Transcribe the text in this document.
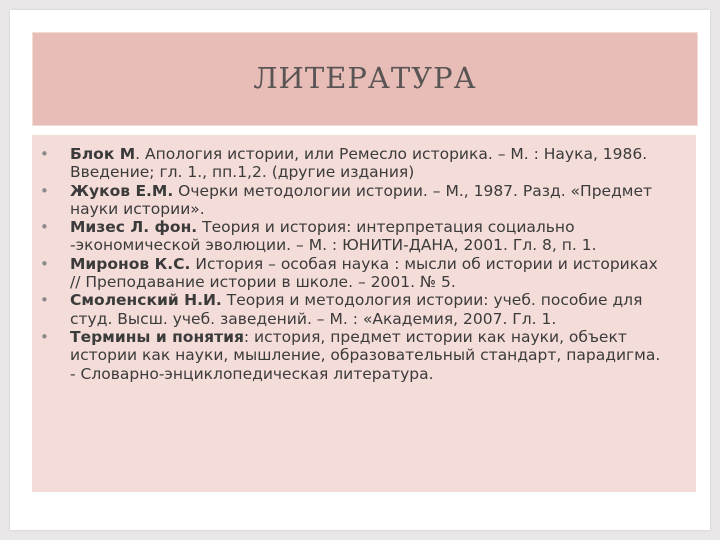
ЛИТЕРАТУРА
• Блок М. Апология истории, или Ремесло историка. – М. : Наука, 1986. Введение; гл. 1., пп.1,2. (другие издания)
• Жуков Е.М. Очерки методологии истории. – М., 1987. Разд. «Предмет науки истории».
• Мизес Л. фон. Теория и история: интерпретация социально -экономической эволюции. – М. : ЮНИТИ-ДАНА, 2001. Гл. 8, п. 1.
• Миронов К.С. История – особая наука : мысли об истории и историках // Преподавание истории в школе. – 2001. № 5.
• Смоленский Н.И. Теория и методология истории: учеб. пособие для студ. Высш. учеб. заведений. – М. : «Академия, 2007. Гл. 1.
• Термины и понятия: история, предмет истории как науки, объект истории как науки, мышление, образовательный стандарт, парадигма. - Словарно-энциклопедическая литература.
